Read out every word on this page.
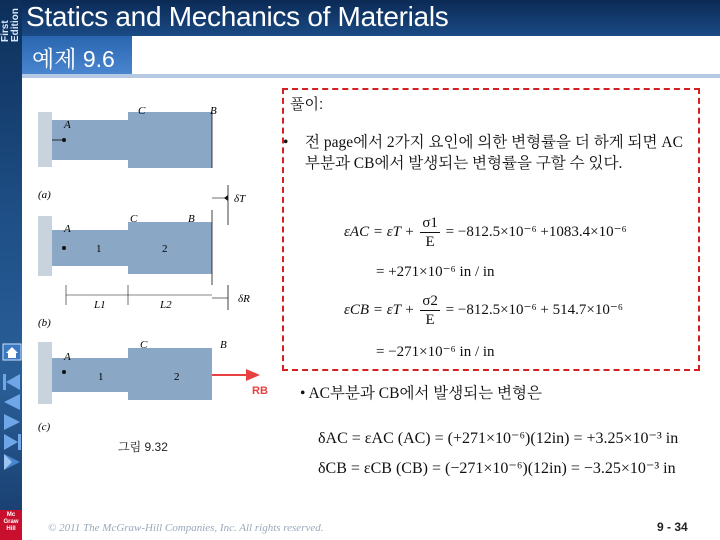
First Edition Statics and Mechanics of Materials
예제 9.6
Mc
Graw
Hill
A
C	B
(a)	δT
A
C	B
1	2
L1	L2	δR
(b)
A
C	B
1	2
RB
(c)
그림 9.32
풀이:
• 전 page에서 2가지 요인에 의한 변형률을 더 하게 되면 AC부분과 CB에서 발생되는 변형률을 구할 수 있다.
$\varepsilon AC = \varepsilon T + \frac{\sigma 1}{E} = -812.5\times 10^{-6} +1083.4\times 10^{-6}$
= +271×10⁻⁶ in / in
$\varepsilon CB = \varepsilon T + \frac{\sigma 2}{E} = -812.5\times 10^{-6} + 514.7\times 10^{-6}$
= −271×10⁻⁶ in / in
• AC부분과 CB에서 발생되는 변형은
δAC = εAC (AC) = (+271×10⁻⁶)(12in) = +3.25×10⁻³ in
δCB = εCB (CB) = (−271×10⁻⁶)(12in) = −3.25×10⁻³ in
© 2011 The McGraw-Hill Companies, Inc. All rights reserved.	9 - 34
